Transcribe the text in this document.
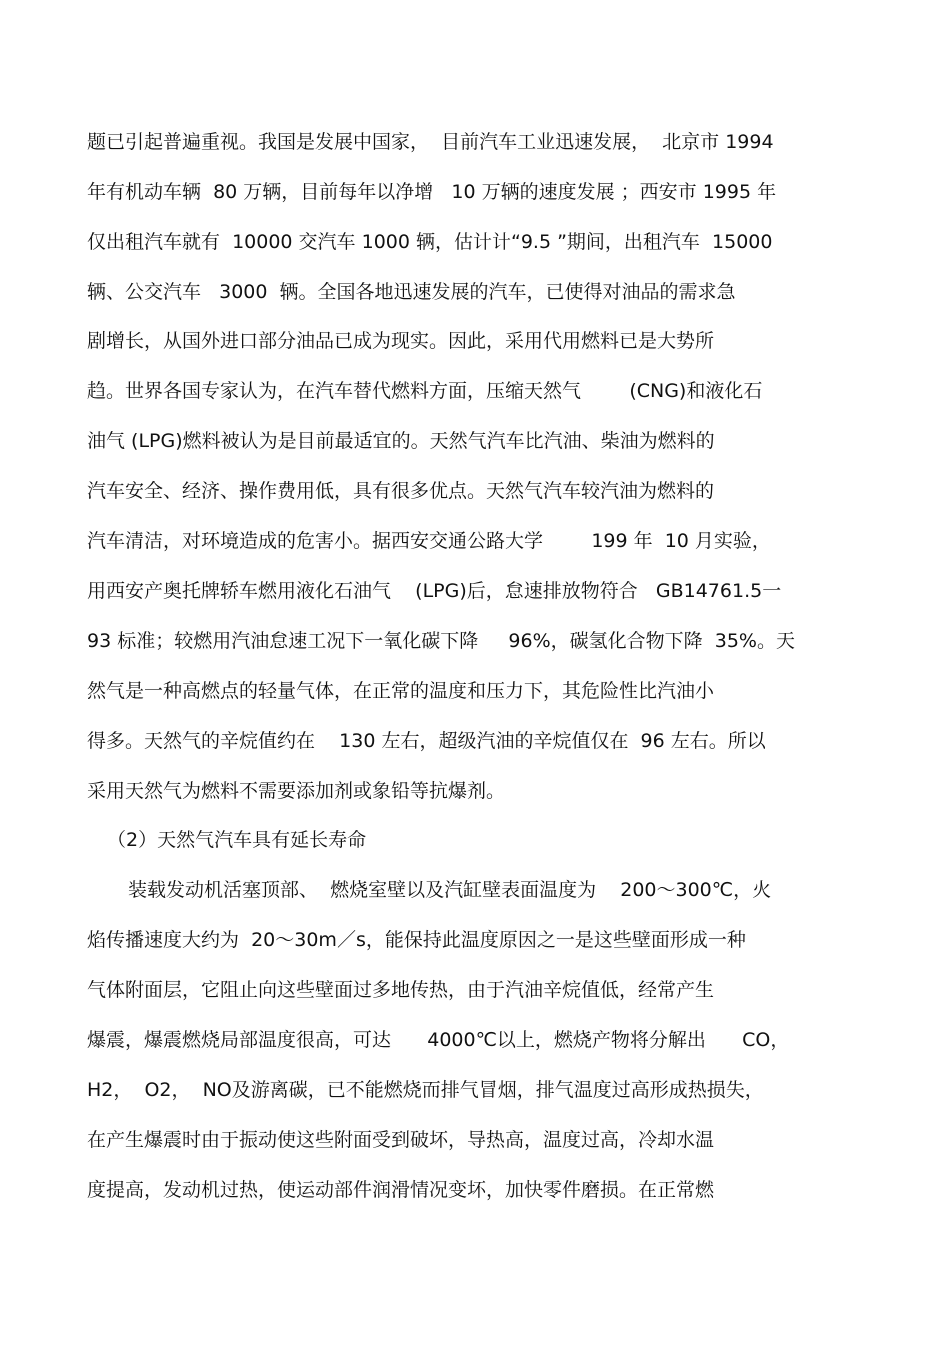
题已引起普遍重视。我国是发展中国家，  目前汽车工业迅速发展，  北京市 1994
年有机动车辆  80 万辆，目前每年以净增   10 万辆的速度发展 ；西安市 1995 年
仅出租汽车就有  10000 交汽车 1000 辆，估计计“9.5 ”期间，出租汽车  15000
辆、公交汽车   3000  辆。全国各地迅速发展的汽车，已使得对油品的需求急
剧增长，从国外进口部分油品已成为现实。因此，采用代用燃料已是大势所
趋。世界各国专家认为，在汽车替代燃料方面，压缩天然气        (CNG)和液化石
油气 (LPG)燃料被认为是目前最适宜的。天然气汽车比汽油、柴油为燃料的
汽车安全、经济、操作费用低，具有很多优点。天然气汽车较汽油为燃料的
汽车清洁，对环境造成的危害小。据西安交通公路大学        199 年  10 月实验，
用西安产奥托牌轿车燃用液化石油气    (LPG)后，怠速排放物符合   GB14761.5一
93 标准；较燃用汽油怠速工况下一氧化碳下降     96%，碳氢化合物下降  35%。天
然气是一种高燃点的轻量气体，在正常的温度和压力下，其危险性比汽油小
得多。天然气的辛烷值约在    130 左右，超级汽油的辛烷值仅在  96 左右。所以
采用天然气为燃料不需要添加剂或象铅等抗爆剂。
（2）天然气汽车具有延长寿命
装载发动机活塞顶部、  燃烧室壁以及汽缸壁表面温度为    200～300℃，火
焰传播速度大约为  20～30m／s，能保持此温度原因之一是这些壁面形成一种
气体附面层，它阻止向这些壁面过多地传热，由于汽油辛烷值低，经常产生
爆震，爆震燃烧局部温度很高，可达      4000℃以上，燃烧产物将分解出      CO，
H2，  O2，  NO及游离碳，已不能燃烧而排气冒烟，排气温度过高形成热损失，
在产生爆震时由于振动使这些附面受到破坏，导热高，温度过高，冷却水温
度提高，发动机过热，使运动部件润滑情况变坏，加快零件磨损。在正常燃
